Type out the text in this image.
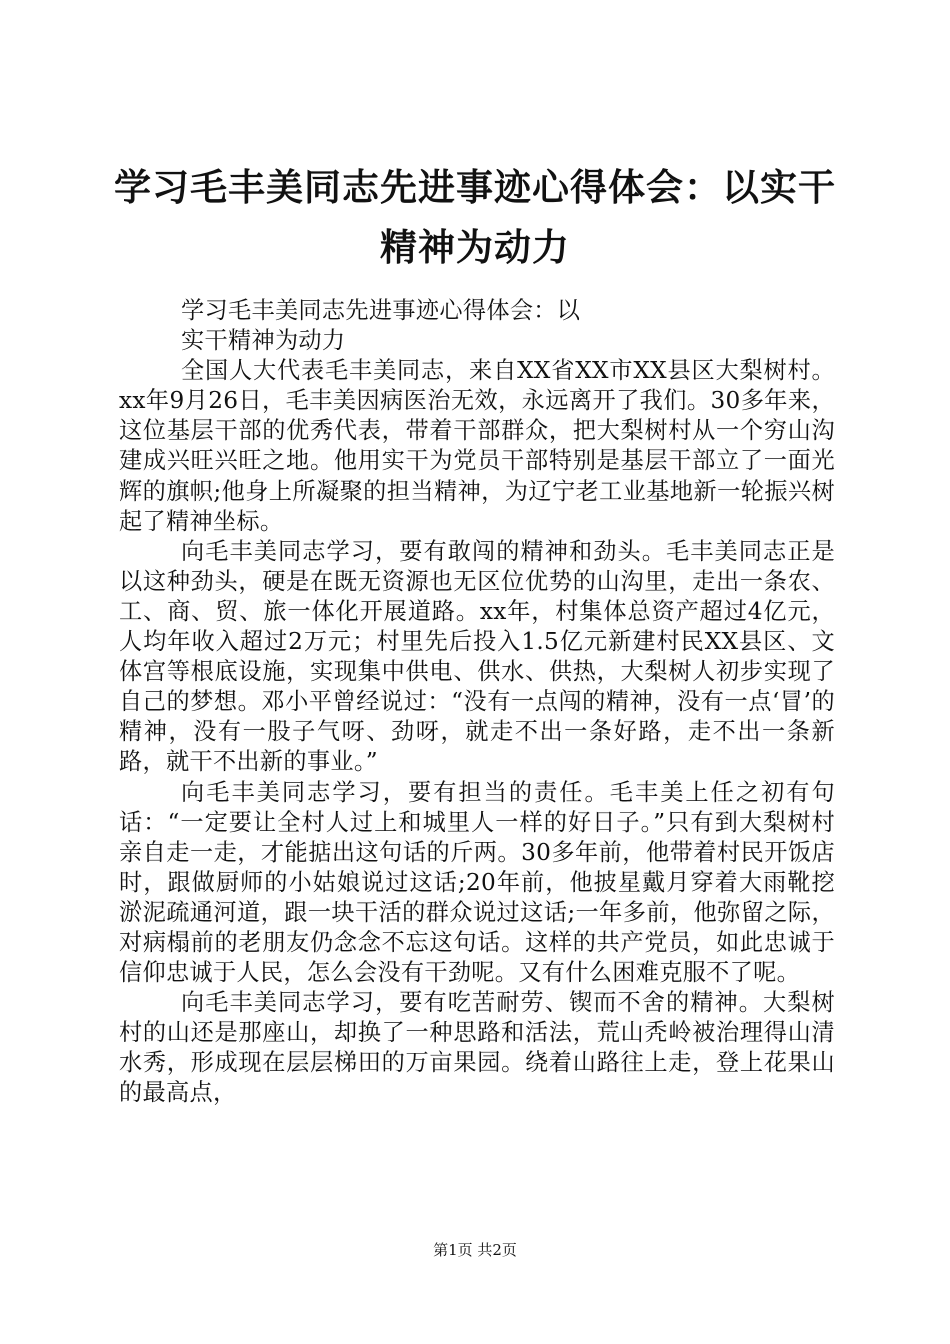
学习毛丰美同志先进事迹心得体会：以实干精神为动力

学习毛丰美同志先进事迹心得体会：以

实干精神为动力

全国人大代表毛丰美同志，来自XX省XX市XX县区大梨树村。xx年9月26日，毛丰美因病医治无效，永远离开了我们。30多年来，这位基层干部的优秀代表，带着干部群众，把大梨树村从一个穷山沟建成兴旺兴旺之地。他用实干为党员干部特别是基层干部立了一面光辉的旗帜;他身上所凝聚的担当精神，为辽宁老工业基地新一轮振兴树起了精神坐标。

向毛丰美同志学习，要有敢闯的精神和劲头。毛丰美同志正是以这种劲头，硬是在既无资源也无区位优势的山沟里，走出一条农、工、商、贸、旅一体化开展道路。xx年，村集体总资产超过4亿元，人均年收入超过2万元；村里先后投入1.5亿元新建村民XX县区、文体宫等根底设施，实现集中供电、供水、供热，大梨树人初步实现了自己的梦想。邓小平曾经说过：“没有一点闯的精神，没有一点‘冒’的精神，没有一股子气呀、劲呀，就走不出一条好路，走不出一条新路，就干不出新的事业。”

向毛丰美同志学习，要有担当的责任。毛丰美上任之初有句话：“一定要让全村人过上和城里人一样的好日子。”只有到大梨树村亲自走一走，才能掂出这句话的斤两。30多年前，他带着村民开饭店时，跟做厨师的小姑娘说过这话;20年前，他披星戴月穿着大雨靴挖淤泥疏通河道，跟一块干活的群众说过这话;一年多前，他弥留之际，对病榻前的老朋友仍念念不忘这句话。这样的共产党员，如此忠诚于信仰忠诚于人民，怎么会没有干劲呢。又有什么困难克服不了呢。

向毛丰美同志学习，要有吃苦耐劳、锲而不舍的精神。大梨树村的山还是那座山，却换了一种思路和活法，荒山秃岭被治理得山清水秀，形成现在层层梯田的万亩果园。绕着山路往上走，登上花果山的最高点，

第1页 共2页
